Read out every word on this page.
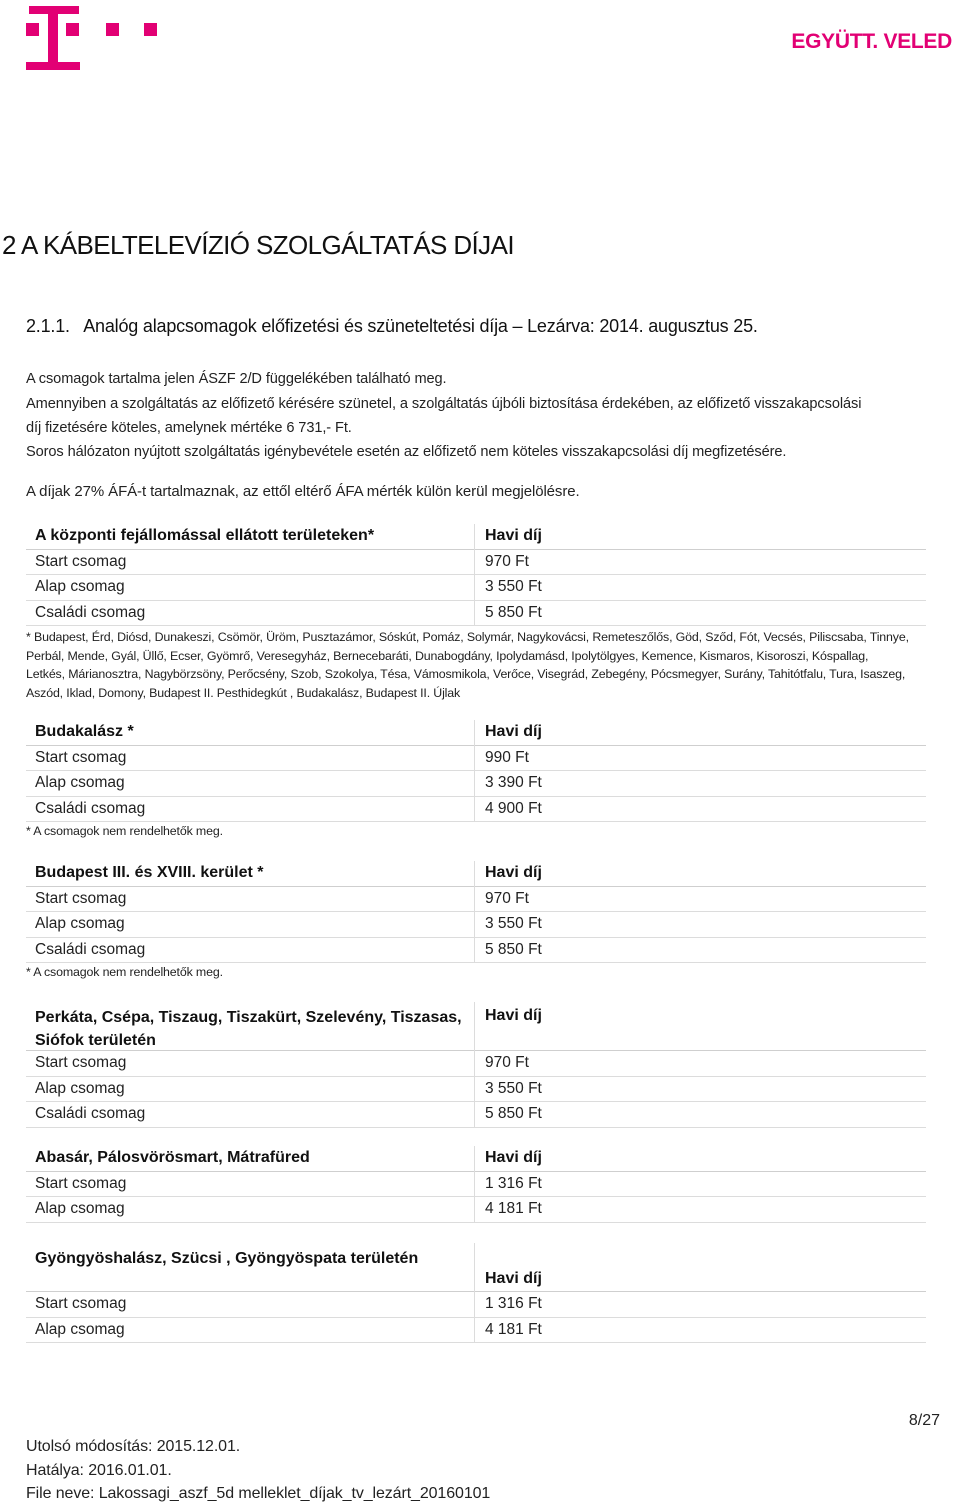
EGYÜTT. VELED
2 A KÁBELTELEVÍZIÓ SZOLGÁLTATÁS DÍJAI
2.1.1.   Analóg alapcsomagok előfizetési és szüneteltetési díja – Lezárva: 2014. augusztus 25.
A csomagok tartalma jelen ÁSZF 2/D függelékében található meg.
Amennyiben a szolgáltatás az előfizető kérésére szünetel, a szolgáltatás újbóli biztosítása érdekében, az előfizető visszakapcsolási
díj fizetésére köteles, amelynek mértéke 6 731,- Ft.
Soros hálózaton nyújtott szolgáltatás igénybevétele esetén az előfizető nem köteles visszakapcsolási díj megfizetésére.
A díjak 27% ÁFÁ-t tartalmaznak, az ettől eltérő ÁFA mérték külön kerül megjelölésre.
A központi fejállomással ellátott területeken*	Havi díj
Start csomag	970 Ft
Alap csomag	3 550 Ft
Családi csomag	5 850 Ft
* Budapest, Érd, Diósd, Dunakeszi, Csömör, Üröm, Pusztazámor, Sóskút, Pomáz, Solymár, Nagykovácsi, Remeteszőlős, Göd, Sződ, Fót, Vecsés, Piliscsaba, Tinnye,
Perbál, Mende, Gyál, Üllő, Ecser, Gyömrő, Veresegyház, Bernecebaráti, Dunabogdány, Ipolydamásd, Ipolytölgyes, Kemence, Kismaros, Kisoroszi, Kóspallag,
Letkés, Márianosztra, Nagybörzsöny, Perőcsény, Szob, Szokolya, Tésa, Vámosmikola, Verőce, Visegrád, Zebegény, Pócsmegyer, Surány, Tahitótfalu, Tura, Isaszeg,
Aszód, Iklad, Domony, Budapest II. Pesthidegkút , Budakalász, Budapest II. Újlak
Budakalász *	Havi díj
Start csomag	990 Ft
Alap csomag	3 390 Ft
Családi csomag	4 900 Ft
* A csomagok nem rendelhetők meg.
Budapest III. és XVIII. kerület *	Havi díj
Start csomag	970 Ft
Alap csomag	3 550 Ft
Családi csomag	5 850 Ft
* A csomagok nem rendelhetők meg.
Perkáta, Csépa, Tiszaug, Tiszakürt, Szelevény, Tiszasas,
Siófok területén
Havi díj
Start csomag	970 Ft
Alap csomag	3 550 Ft
Családi csomag	5 850 Ft
Abasár, Pálosvörösmart, Mátrafüred	Havi díj
Start csomag	1 316 Ft
Alap csomag	4 181 Ft
Gyöngyöshalász, Szücsi , Gyöngyöspata területén
Havi díj
Start csomag	1 316 Ft
Alap csomag	4 181 Ft
8/27
Utolsó módosítás: 2015.12.01.
Hatálya: 2016.01.01.
File neve: Lakossagi_aszf_5d melleklet_díjak_tv_lezárt_20160101
